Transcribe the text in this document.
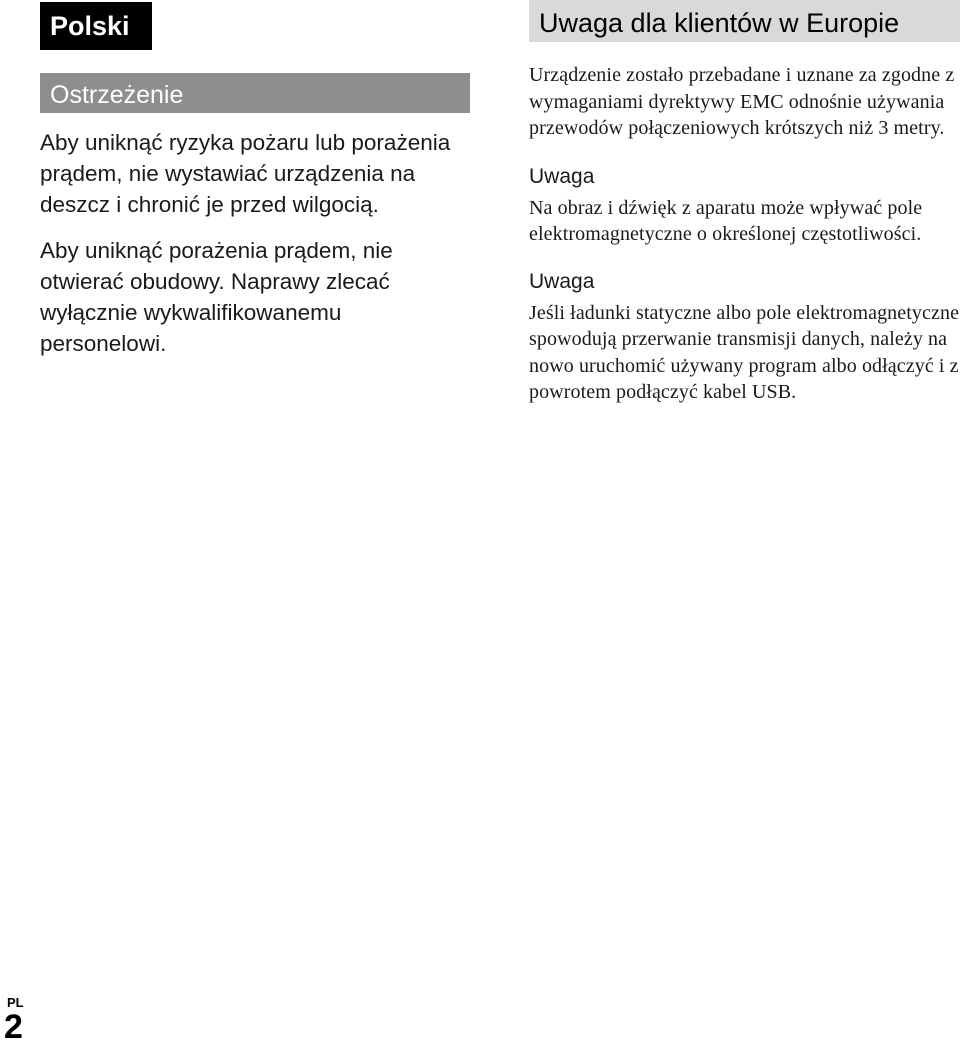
Polski
Ostrzeżenie

Aby uniknąć ryzyka pożaru lub porażenia prądem, nie wystawiać urządzenia na deszcz i chronić je przed wilgocią.

Aby uniknąć porażenia prądem, nie otwierać obudowy. Naprawy zlecać wyłącznie wykwalifikowanemu personelowi.

Uwaga dla klientów w Europie

Urządzenie zostało przebadane i uznane za zgodne z wymaganiami dyrektywy EMC odnośnie używania przewodów połączeniowych krótszych niż 3 metry.

Uwaga

Na obraz i dźwięk z aparatu może wpływać pole elektromagnetyczne o określonej częstotliwości.

Uwaga

Jeśli ładunki statyczne albo pole elektromagnetyczne spowodują przerwanie transmisji danych, należy na nowo uruchomić używany program albo odłączyć i z powrotem podłączyć kabel USB.

PL
2
